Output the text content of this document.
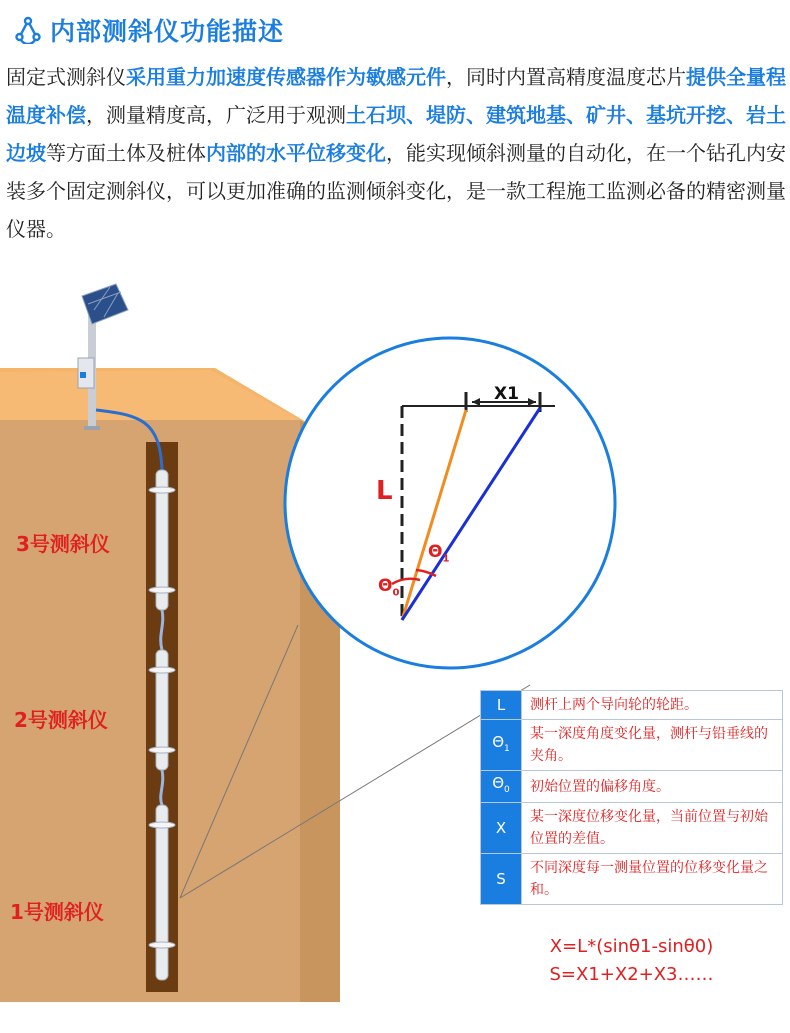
内部测斜仪功能描述
固定式测斜仪采用重力加速度传感器作为敏感元件，同时内置高精度温度芯片提供全量程温度补偿，测量精度高，广泛用于观测土石坝、堤防、建筑地基、矿井、基坑开挖、岩土边坡等方面土体及桩体内部的水平位移变化，能实现倾斜测量的自动化，在一个钻孔内安装多个固定测斜仪，可以更加准确的监测倾斜变化，是一款工程施工监测必备的精密测量仪器。
X1
L
$\Theta_1$
$\Theta_0$
3号测斜仪
2号测斜仪
1号测斜仪
L	测杆上两个导向轮的轮距。
$\Theta_1$	某一深度角度变化量，测杆与铅垂线的夹角。
$\Theta_0$	初始位置的偏移角度。
X	某一深度位移变化量，当前位置与初始位置的差值。
S	不同深度每一测量位置的位移变化量之和。
X=L*(sinθ1-sinθ0)
S=X1+X2+X3……
